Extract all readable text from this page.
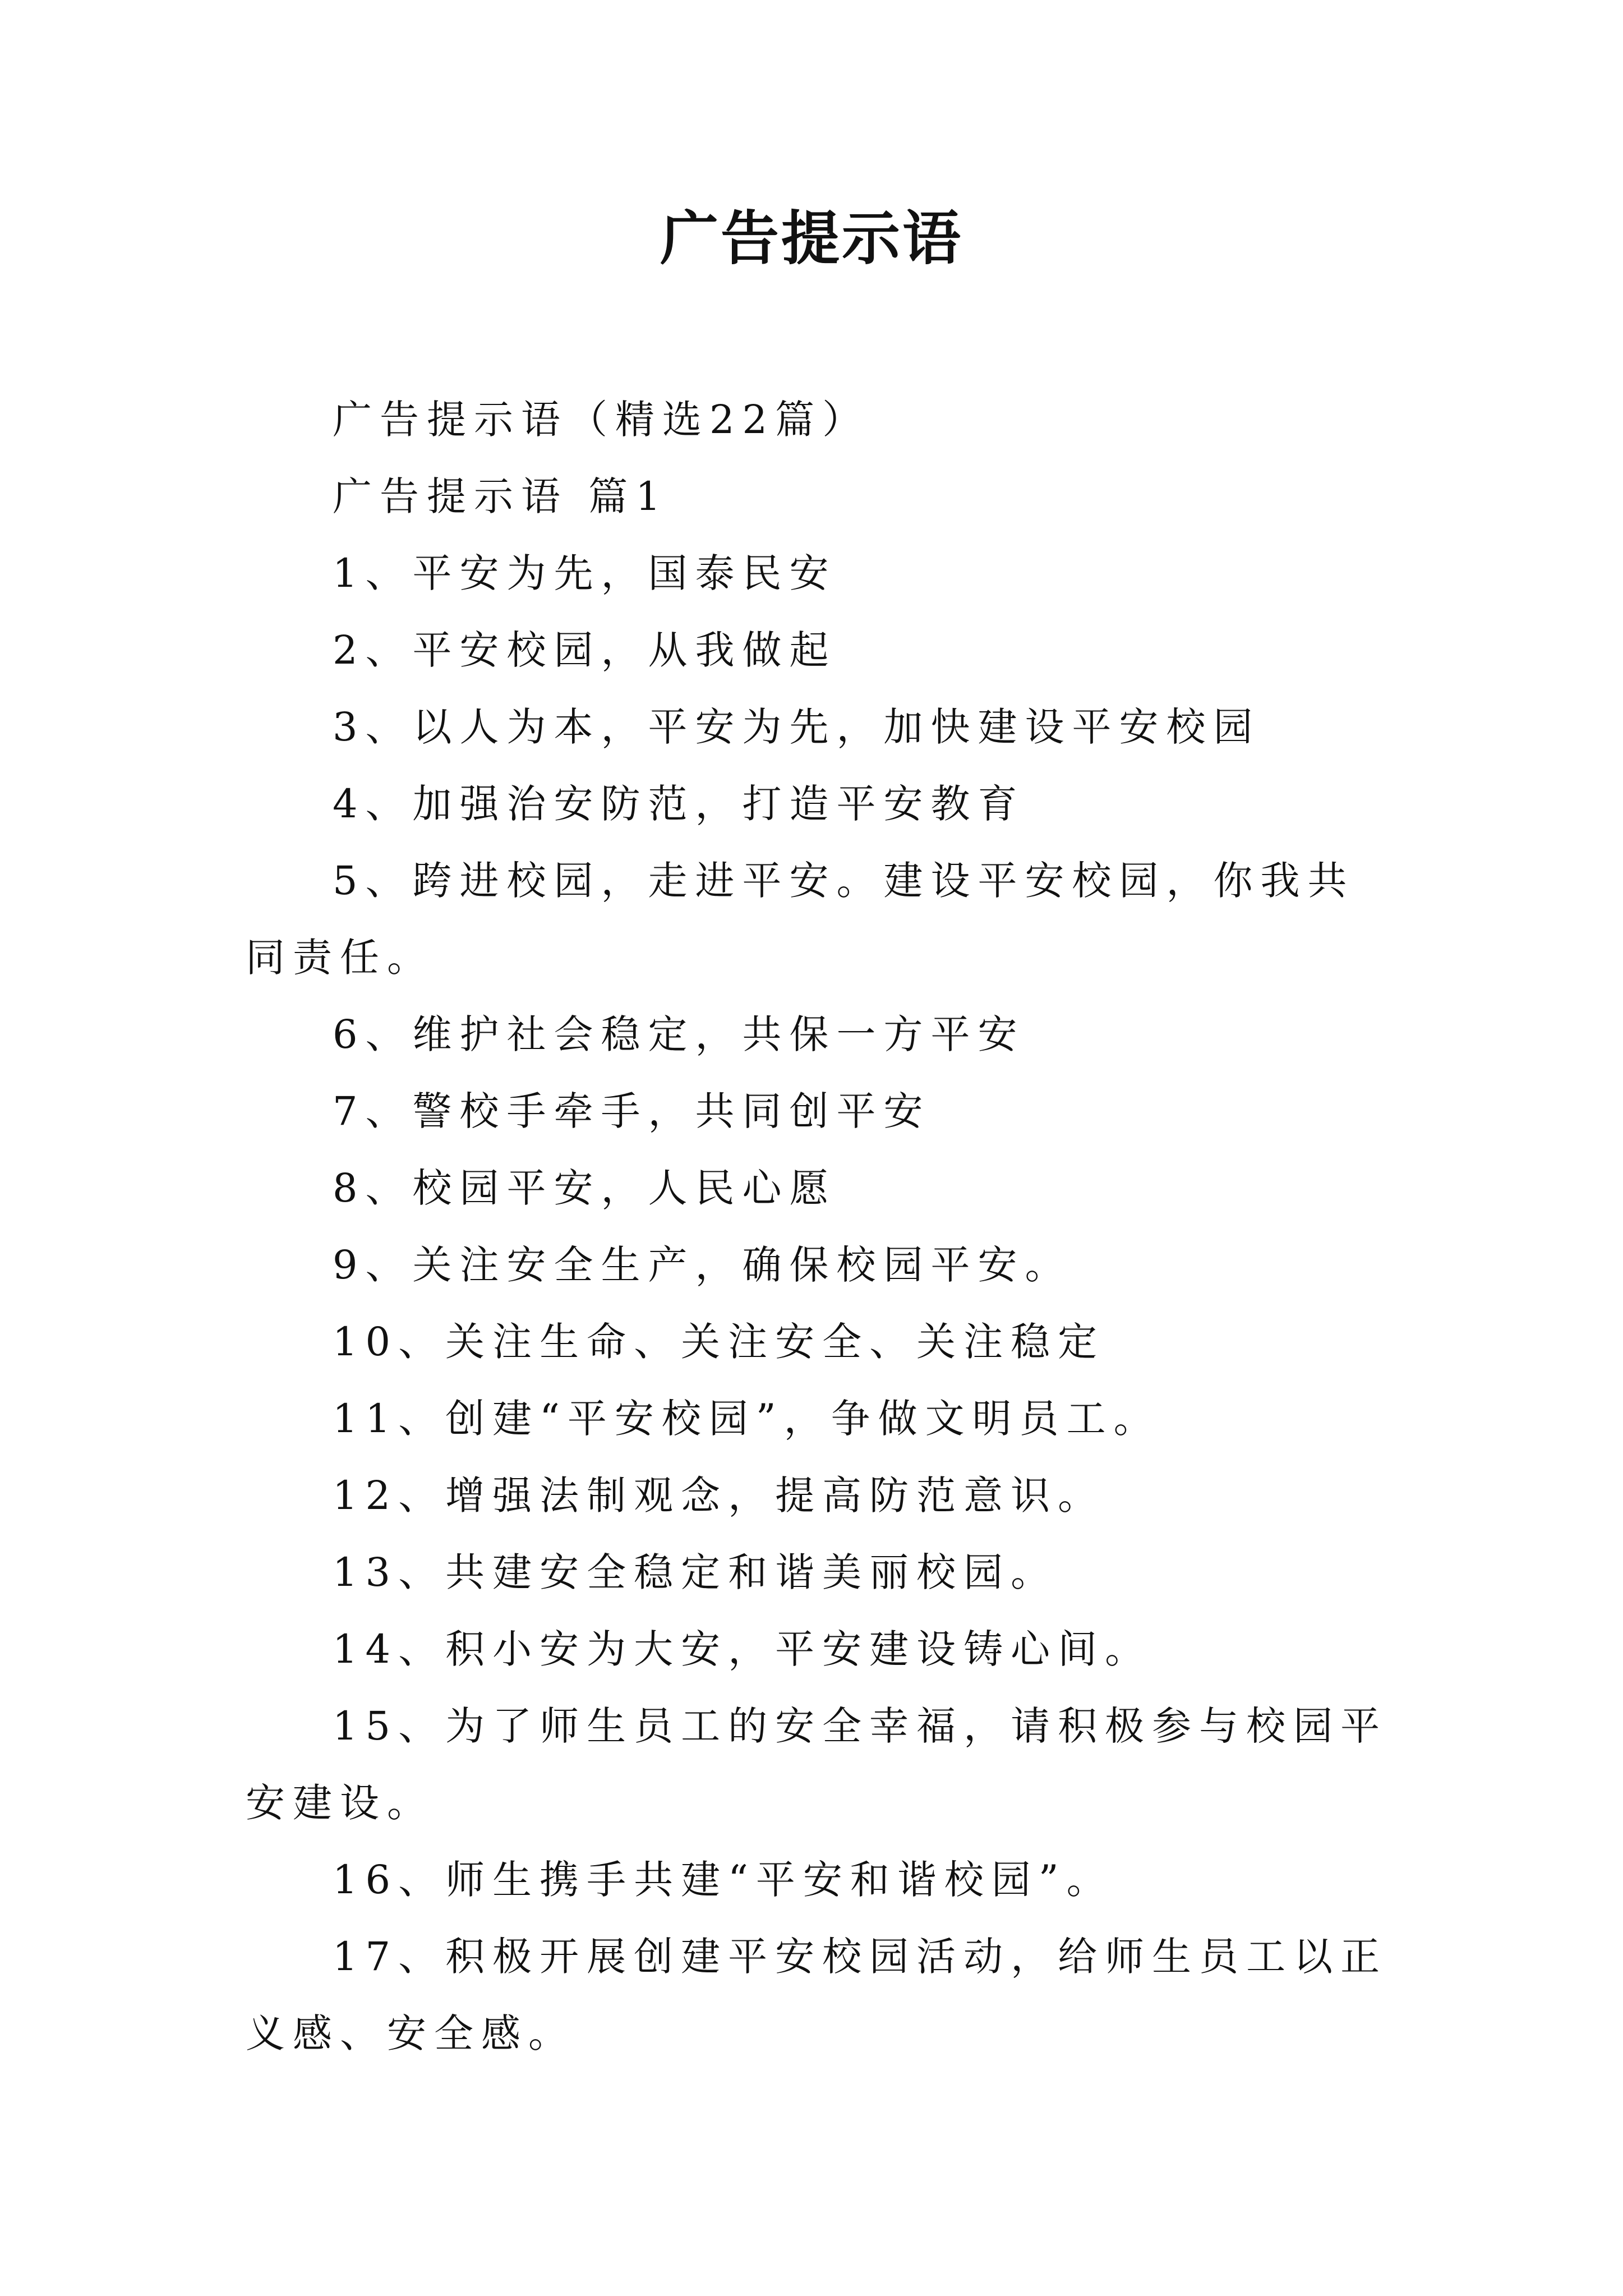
广告提示语

广告提示语（精选22篇）

广告提示语 篇1

1、平安为先，国泰民安

2、平安校园，从我做起

3、以人为本，平安为先，加快建设平安校园

4、加强治安防范，打造平安教育

5、跨进校园，走进平安。建设平安校园，你我共同责任。

6、维护社会稳定，共保一方平安

7、警校手牵手，共同创平安

8、校园平安，人民心愿

9、关注安全生产，确保校园平安。

10、关注生命、关注安全、关注稳定

11、创建“平安校园”，争做文明员工。

12、增强法制观念，提高防范意识。

13、共建安全稳定和谐美丽校园。

14、积小安为大安，平安建设铸心间。

15、为了师生员工的安全幸福，请积极参与校园平安建设。

16、师生携手共建“平安和谐校园”。

17、积极开展创建平安校园活动，给师生员工以正义感、安全感。
